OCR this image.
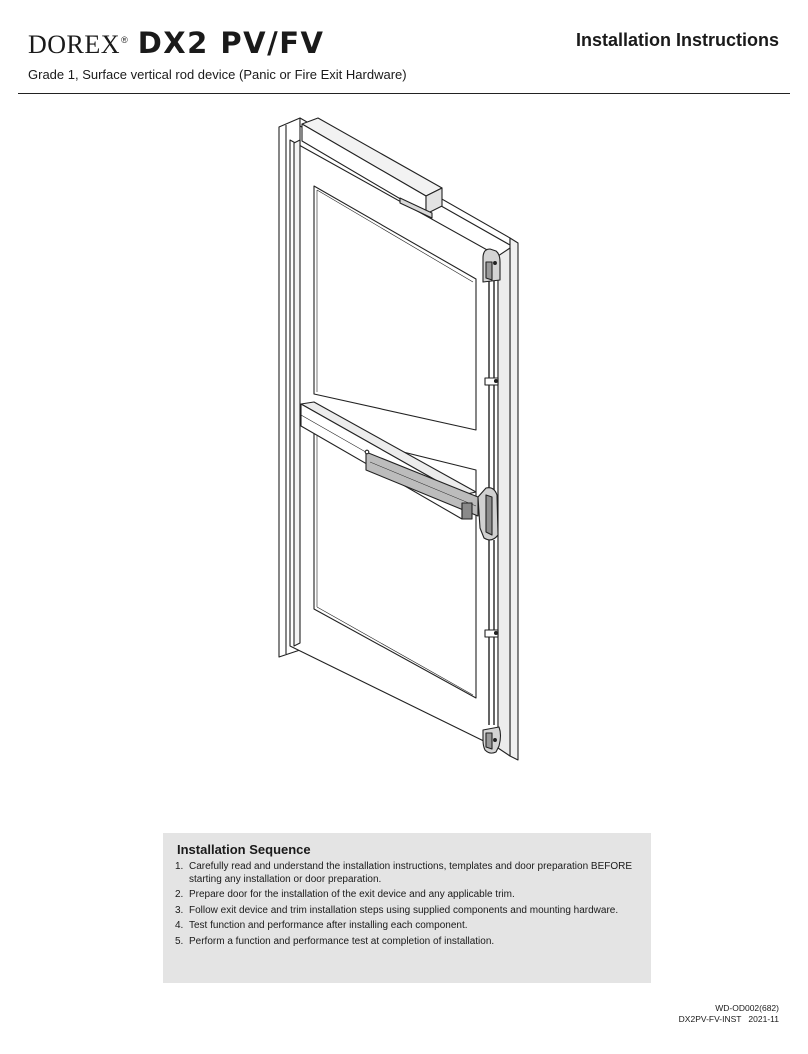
DOREX ® DX2 PV/FV	Installation Instructions
Grade 1, Surface vertical rod device (Panic or Fire Exit Hardware)
Installation Sequence
1. Carefully read and understand the installation instructions, templates and door preparation BEFORE starting any installation or door preparation.
2. Prepare door for the installation of the exit device and any applicable trim.
3. Follow exit device and trim installation steps using supplied components and mounting hardware.
4. Test function and performance after installing each component.
5. Perform a function and performance test at completion of installation.
WD-OD002(682)
DX2PV-FV-INST   2021-11
